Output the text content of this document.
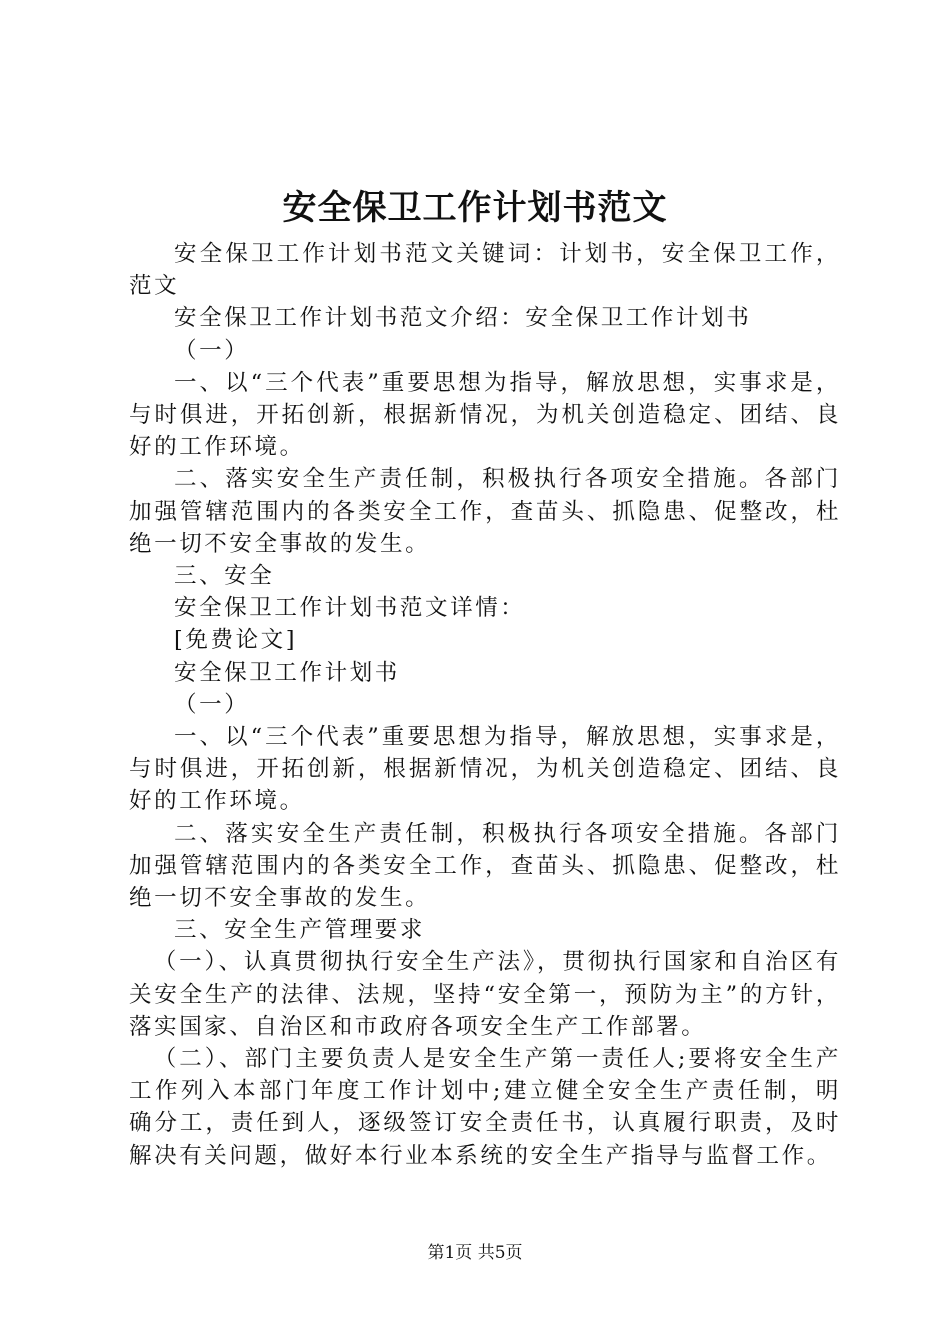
安全保卫工作计划书范文

安全保卫工作计划书范文关键词：计划书，安全保卫工作，范文

安全保卫工作计划书范文介绍：安全保卫工作计划书

（一）

一、以“三个代表”重要思想为指导，解放思想，实事求是，与时俱进，开拓创新，根据新情况，为机关创造稳定、团结、良好的工作环境。

二、落实安全生产责任制，积极执行各项安全措施。各部门加强管辖范围内的各类安全工作，查苗头、抓隐患、促整改，杜绝一切不安全事故的发生。

三、安全

安全保卫工作计划书范文详情：

[免费论文]

安全保卫工作计划书

（一）

一、以“三个代表”重要思想为指导，解放思想，实事求是，与时俱进，开拓创新，根据新情况，为机关创造稳定、团结、良好的工作环境。

二、落实安全生产责任制，积极执行各项安全措施。各部门加强管辖范围内的各类安全工作，查苗头、抓隐患、促整改，杜绝一切不安全事故的发生。

三、安全生产管理要求

（一）、认真贯彻执行安全生产法》，贯彻执行国家和自治区有关安全生产的法律、法规，坚持“安全第一，预防为主”的方针，落实国家、自治区和市政府各项安全生产工作部署。

（二）、部门主要负责人是安全生产第一责任人;要将安全生产工作列入本部门年度工作计划中;建立健全安全生产责任制，明确分工，责任到人，逐级签订安全责任书，认真履行职责，及时解决有关问题，做好本行业本系统的安全生产指导与监督工作。

第1页 共5页
